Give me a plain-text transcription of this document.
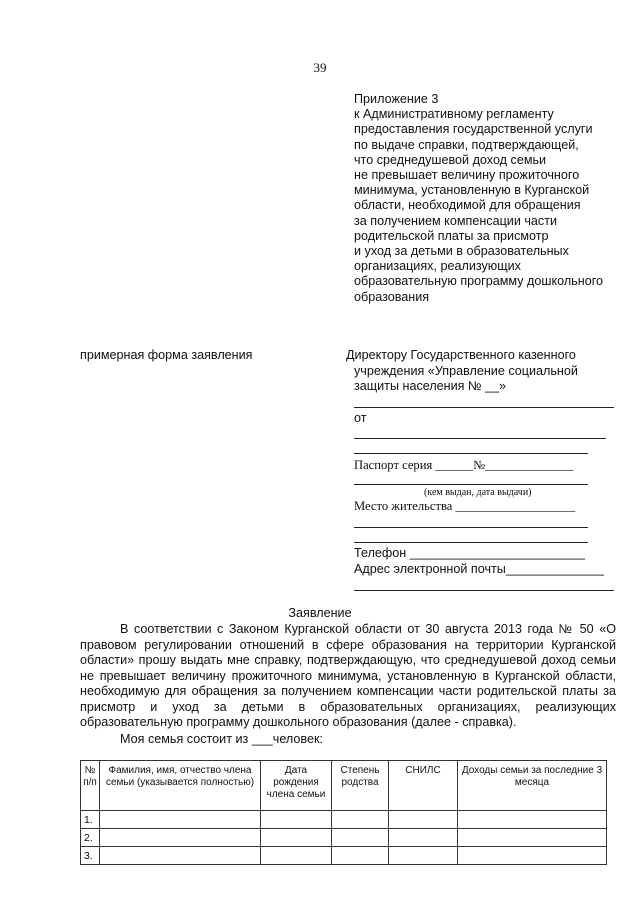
39
Приложение 3
к Административному регламенту
предоставления государственной услуги
по выдаче справки, подтверждающей,
что среднедушевой доход семьи
не превышает величину прожиточного
минимума, установленную в Курганской
области, необходимой для обращения
за получением компенсации части
родительской платы за присмотр
и уход за детьми в образовательных
организациях, реализующих
образовательную программу дошкольного
образования
примерная форма заявления	Директору Государственного казенного
учреждения «Управление социальной
защиты населения № __»
от
Паспорт серия ______№______________
(кем выдан, дата выдачи)
Место жительства ___________________
Телефон _________________________
Адрес электронной почты______________
Заявление

В соответствии с Законом Курганской области от 30 августа 2013 года № 50 «О правовом регулировании отношений в сфере образования на территории Курганской области» прошу выдать мне справку, подтверждающую, что среднедушевой доход семьи не превышает величину прожиточного минимума, установленную в Курганской области, необходимую для обращения за получением компенсации части родительской платы за присмотр и уход за детьми в образовательных организациях, реализующих образовательную программу дошкольного образования (далее - справка).

Моя семья состоит из ___человек:
№ п/п	Фамилия, имя, отчество члена семьи (указывается полностью)	Дата рождения члена семьи	Степень родства	СНИЛС	Доходы семьи за последние 3 месяца
1.					
2.					
3.					
